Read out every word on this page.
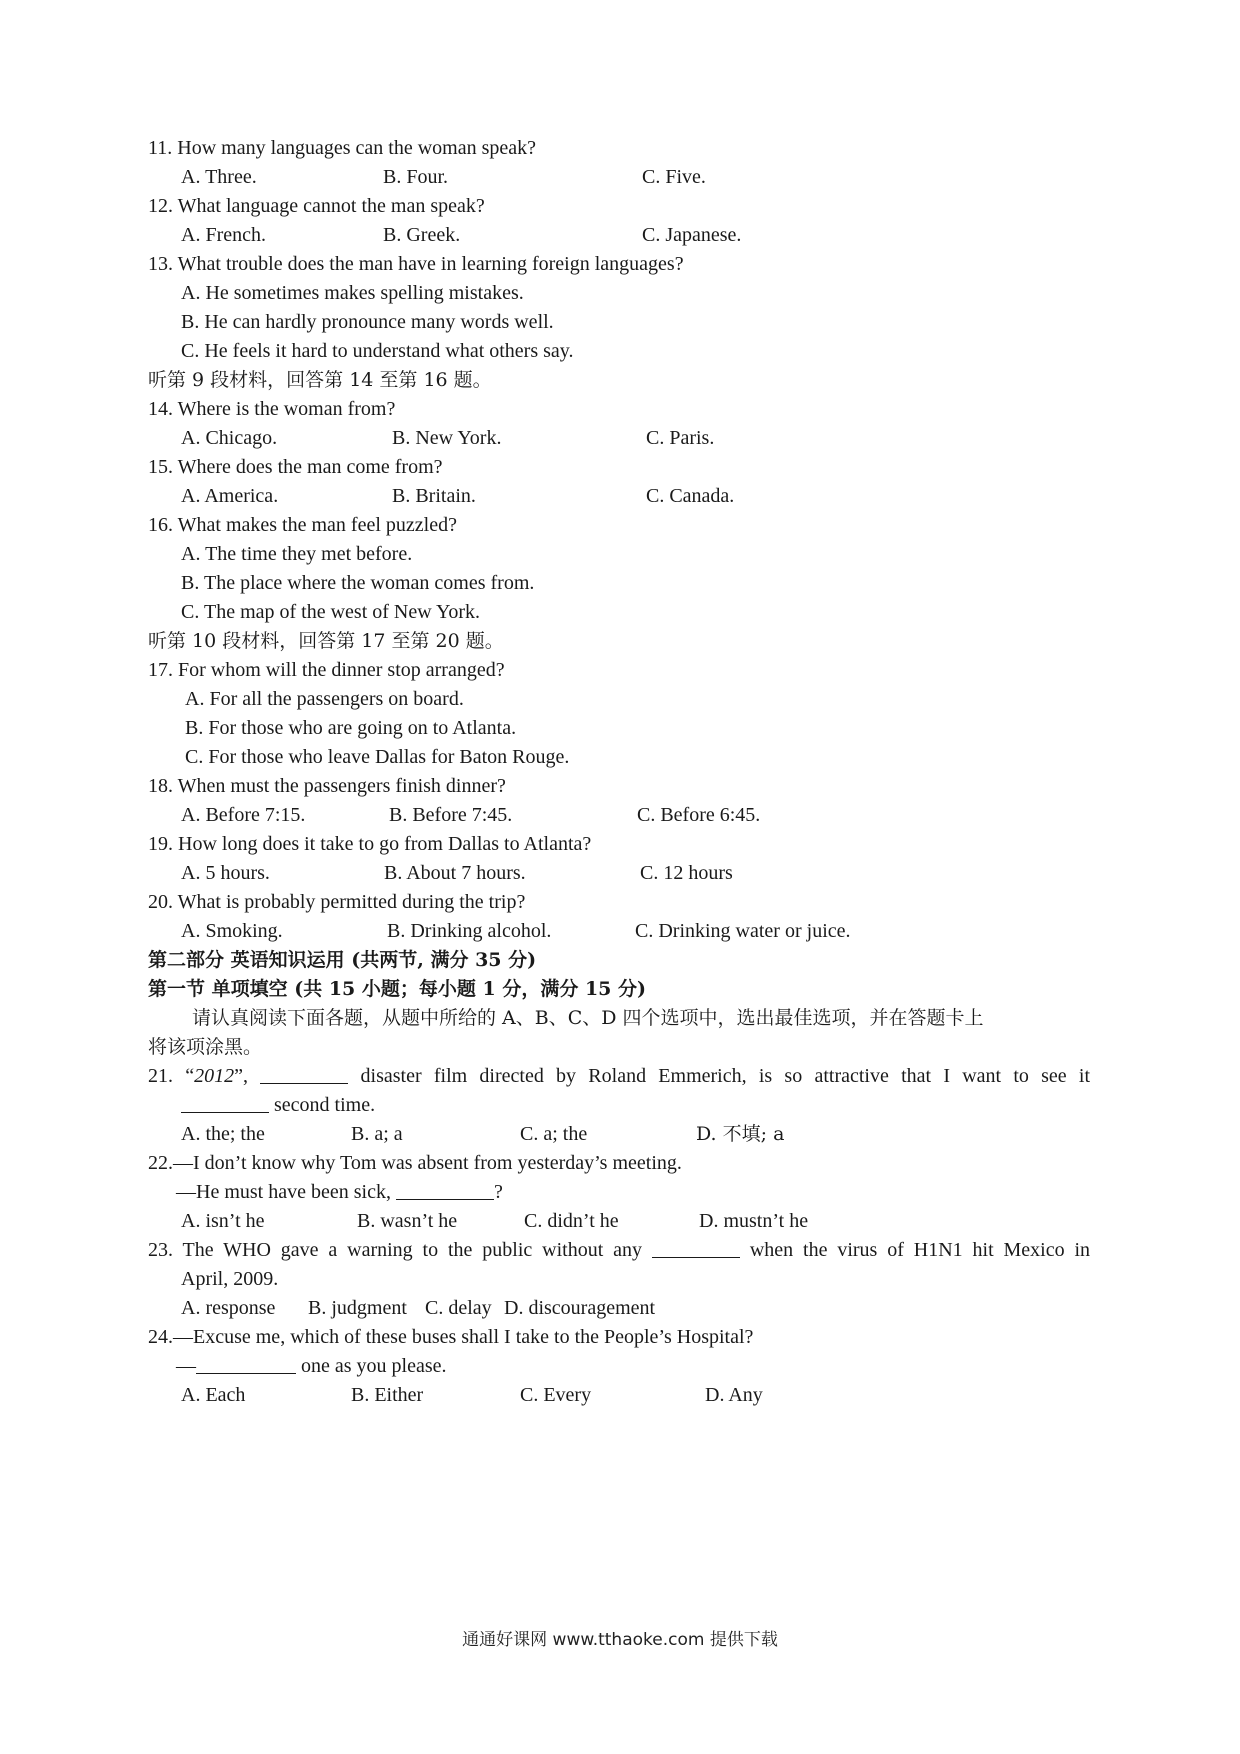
11. How many languages can the woman speak?
A. Three.	B. Four.	C. Five.
12. What language cannot the man speak?
A. French.	B. Greek.	C. Japanese.
13. What trouble does the man have in learning foreign languages?
A. He sometimes makes spelling mistakes.
B. He can hardly pronounce many words well.
C. He feels it hard to understand what others say.
听第 9 段材料，回答第 14 至第 16 题。
14. Where is the woman from?
A. Chicago.	B. New York.	C. Paris.
15. Where does the man come from?
A. America.	B. Britain.	C. Canada.
16. What makes the man feel puzzled?
A. The time they met before.
B. The place where the woman comes from.
C. The map of the west of New York.
听第 10 段材料，回答第 17 至第 20 题。
17. For whom will the dinner stop arranged?
A. For all the passengers on board.
B. For those who are going on to Atlanta.
C. For those who leave Dallas for Baton Rouge.
18. When must the passengers finish dinner?
A. Before 7:15.	B. Before 7:45.	C. Before 6:45.
19. How long does it take to go from Dallas to Atlanta?
A. 5 hours.	B. About 7 hours.	C. 12 hours
20. What is probably permitted during the trip?
A. Smoking.	B. Drinking alcohol.	C. Drinking water or juice.
第二部分 英语知识运用 (共两节, 满分 35 分)
第一节 单项填空 (共 15 小题；每小题 1 分，满分 15 分)
请认真阅读下面各题，从题中所给的 A、B、C、D 四个选项中，选出最佳选项，并在答题卡上
将该项涂黑。
21. “2012”,	disaster film directed by Roland Emmerich, is so attractive that I want to see it
second time.
A. the; the	B. a; a	C. a; the	D. 不填; a
22.—I don’t know why Tom was absent from yesterday’s meeting.
—He must have been sick,	?
A. isn’t he	B. wasn’t he	C. didn’t he	D. mustn’t he
23. The WHO gave a warning to the public without any	when the virus of H1N1 hit Mexico in
April, 2009.
A. response B. judgment C. delay D. discouragement
24.—Excuse me, which of these buses shall I take to the People’s Hospital?
—	one as you please.
A. Each	B. Either	C. Every	D. Any
通通好课网 www.tthaoke.com 提供下载
